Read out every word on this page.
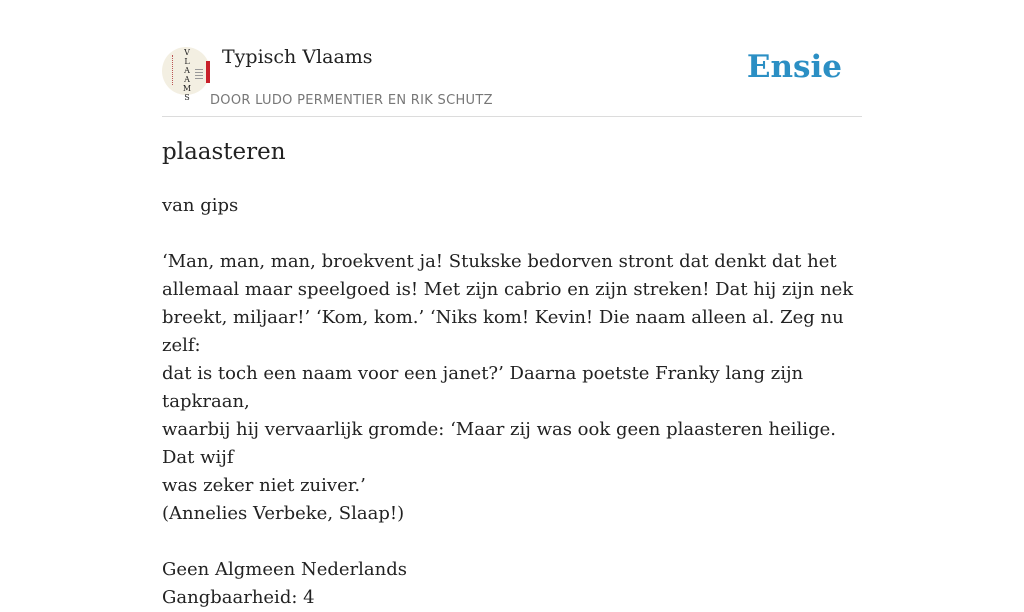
V
L
A
A
M
S
Typisch Vlaams
DOOR LUDO PERMENTIER EN RIK SCHUTZ
Ensie
plaasteren

van gips

‘Man, man, man, broekvent ja! Stukske bedorven stront dat denkt dat het

allemaal maar speelgoed is! Met zijn cabrio en zijn streken! Dat hij zijn nek

breekt, miljaar!’ ‘Kom, kom.’ ‘Niks kom! Kevin! Die naam alleen al. Zeg nu zelf:

dat is toch een naam voor een janet?’ Daarna poetste Franky lang zijn tapkraan,

waarbij hij vervaarlijk gromde: ‘Maar zij was ook geen plaasteren heilige. Dat wijf

was zeker niet zuiver.’

(Annelies Verbeke, Slaap!)

Geen Algmeen Nederlands

Gangbaarheid: 4
